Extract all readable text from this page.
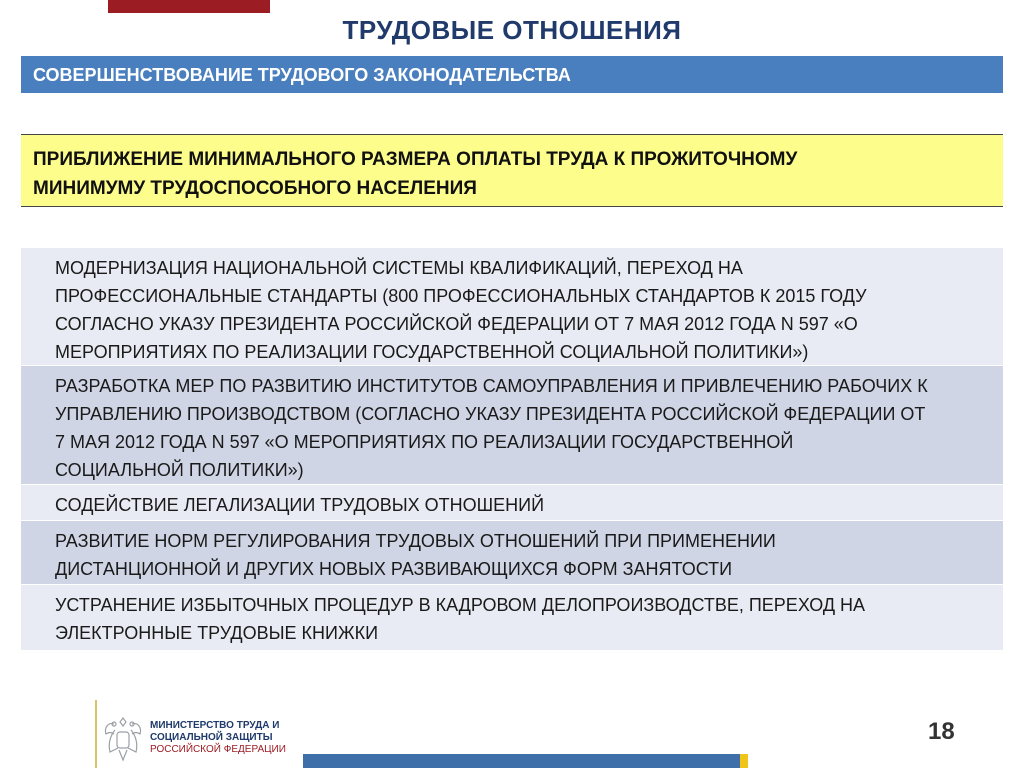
ТРУДОВЫЕ ОТНОШЕНИЯ
СОВЕРШЕНСТВОВАНИЕ ТРУДОВОГО ЗАКОНОДАТЕЛЬСТВА
ПРИБЛИЖЕНИЕ МИНИМАЛЬНОГО РАЗМЕРА ОПЛАТЫ ТРУДА К ПРОЖИТОЧНОМУ
МИНИМУМУ ТРУДОСПОСОБНОГО НАСЕЛЕНИЯ
МОДЕРНИЗАЦИЯ НАЦИОНАЛЬНОЙ СИСТЕМЫ КВАЛИФИКАЦИЙ, ПЕРЕХОД НА
ПРОФЕССИОНАЛЬНЫЕ СТАНДАРТЫ (800 ПРОФЕССИОНАЛЬНЫХ СТАНДАРТОВ К 2015 ГОДУ
СОГЛАСНО УКАЗУ ПРЕЗИДЕНТА РОССИЙСКОЙ ФЕДЕРАЦИИ ОТ 7 МАЯ 2012 ГОДА N 597 «О
МЕРОПРИЯТИЯХ ПО РЕАЛИЗАЦИИ ГОСУДАРСТВЕННОЙ СОЦИАЛЬНОЙ ПОЛИТИКИ»)
РАЗРАБОТКА МЕР ПО РАЗВИТИЮ ИНСТИТУТОВ САМОУПРАВЛЕНИЯ И ПРИВЛЕЧЕНИЮ РАБОЧИХ К
УПРАВЛЕНИЮ ПРОИЗВОДСТВОМ (СОГЛАСНО УКАЗУ ПРЕЗИДЕНТА РОССИЙСКОЙ ФЕДЕРАЦИИ ОТ
7 МАЯ 2012 ГОДА N 597 «О МЕРОПРИЯТИЯХ ПО РЕАЛИЗАЦИИ ГОСУДАРСТВЕННОЙ
СОЦИАЛЬНОЙ ПОЛИТИКИ»)
СОДЕЙСТВИЕ ЛЕГАЛИЗАЦИИ ТРУДОВЫХ ОТНОШЕНИЙ
РАЗВИТИЕ НОРМ РЕГУЛИРОВАНИЯ ТРУДОВЫХ ОТНОШЕНИЙ ПРИ ПРИМЕНЕНИИ
ДИСТАНЦИОННОЙ И ДРУГИХ НОВЫХ РАЗВИВАЮЩИХСЯ ФОРМ ЗАНЯТОСТИ
УСТРАНЕНИЕ ИЗБЫТОЧНЫХ ПРОЦЕДУР В КАДРОВОМ ДЕЛОПРОИЗВОДСТВЕ, ПЕРЕХОД НА
ЭЛЕКТРОННЫЕ ТРУДОВЫЕ КНИЖКИ
МИНИСТЕРСТВО ТРУДА И
СОЦИАЛЬНОЙ ЗАЩИТЫ
РОССИЙСКОЙ ФЕДЕРАЦИИ
18
